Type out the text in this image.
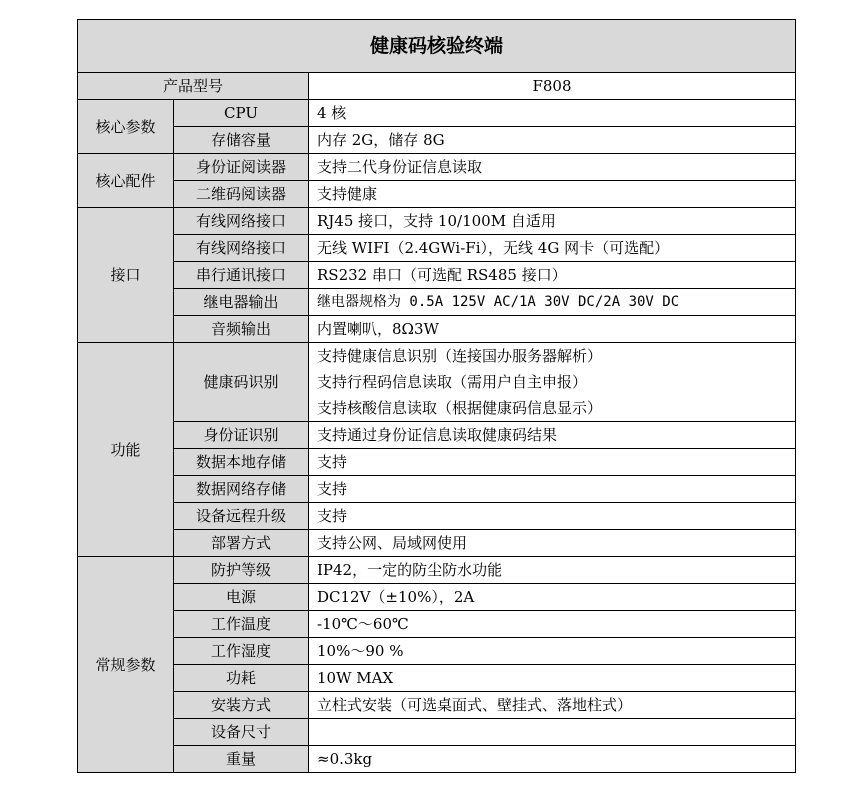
健康码核验终端		
产品型号		F808
核心参数	CPU	4 核
	存储容量	内存 2G，储存 8G
核心配件	身份证阅读器	支持二代身份证信息读取
	二维码阅读器	支持健康
接口	有线网络接口	RJ45 接口，支持 10/100M 自适用
	有线网络接口	无线 WIFI（2.4GWi-Fi），无线 4G 网卡（可选配）
	串行通讯接口	RS232 串口（可选配 RS485 接口）
	继电器输出	继电器规格为 0.5A 125V AC/1A 30V DC/2A 30V DC
	音频输出	内置喇叭，8Ω3W
功能	健康码识别	支持健康信息识别（连接国办服务器解析）
支持行程码信息读取（需用户自主申报）
支持核酸信息读取（根据健康码信息显示）

	身份证识别	支持通过身份证信息读取健康码结果
	数据本地存储	支持
	数据网络存储	支持
	设备远程升级	支持
	部署方式	支持公网、局域网使用
常规参数	防护等级	IP42，一定的防尘防水功能
	电源	DC12V（±10%），2A
	工作温度	-10℃～60℃
	工作湿度	10%～90 %
	功耗	10W MAX
	安装方式	立柱式安装（可选桌面式、壁挂式、落地柱式）
	设备尺寸	
	重量	≈0.3kg
